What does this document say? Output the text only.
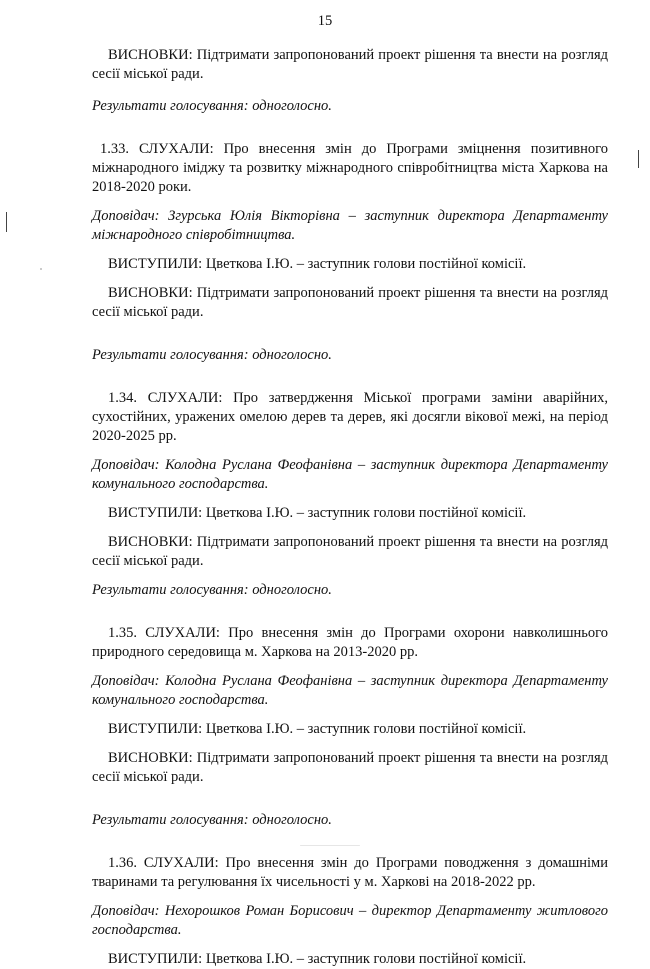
15

ВИСНОВКИ: Підтримати запропонований проект рішення та внести на розгляд сесії міської ради.

Результати голосування: одноголосно.

1.33. СЛУХАЛИ: Про внесення змін до Програми зміцнення позитивного міжнародного іміджу та розвитку міжнародного співробітництва міста Харкова на 2018-2020 роки.

Доповідач: Згурська Юлія Вікторівна – заступник директора Департаменту міжнародного співробітництва.

ВИСТУПИЛИ: Цветкова І.Ю. – заступник голови постійної комісії.

ВИСНОВКИ: Підтримати запропонований проект рішення та внести на розгляд сесії міської ради.

Результати голосування: одноголосно.

1.34. СЛУХАЛИ: Про затвердження Міської програми заміни аварійних, сухостійних, уражених омелою дерев та дерев, які досягли вікової межі, на період 2020-2025 рр.

Доповідач: Колодна Руслана Феофанівна – заступник директора Департаменту комунального господарства.

ВИСТУПИЛИ: Цветкова І.Ю. – заступник голови постійної комісії.

ВИСНОВКИ: Підтримати запропонований проект рішення та внести на розгляд сесії міської ради.

Результати голосування: одноголосно.

1.35. СЛУХАЛИ: Про внесення змін до Програми охорони навколишнього природного середовища м. Харкова на 2013-2020 рр.

Доповідач: Колодна Руслана Феофанівна – заступник директора Департаменту комунального господарства.

ВИСТУПИЛИ: Цветкова І.Ю. – заступник голови постійної комісії.

ВИСНОВКИ: Підтримати запропонований проект рішення та внести на розгляд сесії міської ради.

Результати голосування: одноголосно.

1.36. СЛУХАЛИ: Про внесення змін до Програми поводження з домашніми тваринами та регулювання їх чисельності у м. Харкові на 2018-2022 рр.

Доповідач: Нехорошков Роман Борисович – директор Департаменту житлового господарства.

ВИСТУПИЛИ: Цветкова І.Ю. – заступник голови постійної комісії.
